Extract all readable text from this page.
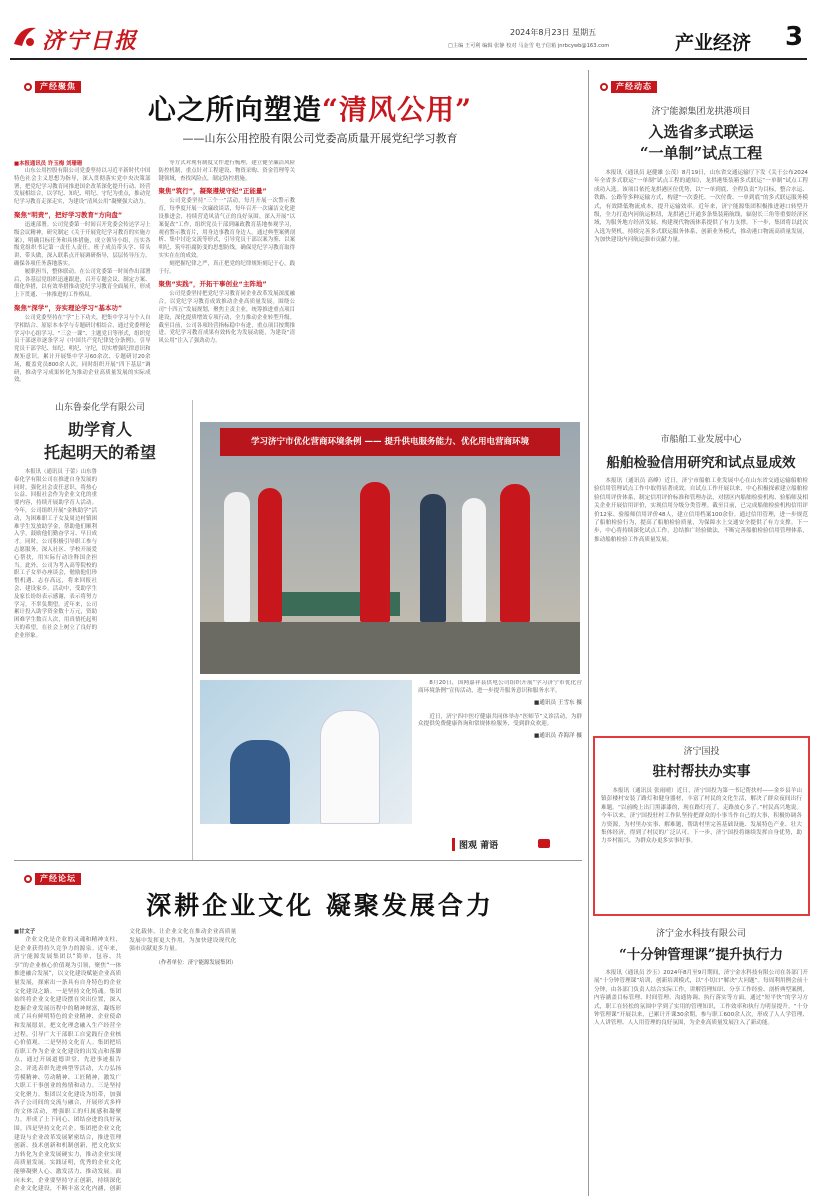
济宁日报	2024年8月23日 星期五
□主编 王可利 编辑 张静 校对 马金雪 电子信箱 jnrbcywb@163.com	产业经济 3
产经聚焦
心之所向塑造“清风公用”
——山东公用控股有限公司党委高质量开展党纪学习教育
■本报通讯员 许玉梅 刘珊珊

山东公用控股有限公司党委坚持以习近平新时代中国特色社会主义思想为指导，深入贯彻落实党中央决策部署，把党纪学习教育同推进国企改革深化提升行动、经营发展相结合，以学纪、知纪、明纪、守纪为重点，推动党纪学习教育走深走实，为建设“清风公用”凝聚强大动力。

聚焦“明责”，把好学习教育“方向盘”

迅速部署。公司党委第一时间召开党委会传达学习上级会议精神，研究制定《关于开展党纪学习教育的实施方案》，明确目标任务和具体措施，成立领导小组，压实各级党组织书记第一责任人责任。班子成员带头学、带头讲、带头做，深入联系点开展调研指导，层层传导压力，确保各项任务落地落实。

履职担当，整体联动。在公司党委第一时间作出部署后，各基层党组织迅速跟进，召开专题会议、制定方案、细化举措，以有效举措推动党纪学习教育全面展开，形成上下贯通、一体推进的工作格局。

聚焦“深学”，夯实理论学习“基本功”

公司党委坚持在“学”上下功夫，把集中学习与个人自学相结合、原原本本学与专题研讨相结合，通过党委理论学习中心组学习、“三会一课”、主题党日等形式，组织党员干部逐章逐条学习《中国共产党纪律处分条例》，引导党员干部学纪、知纪、明纪、守纪，切实增强纪律意识和规矩意识。累计开展集中学习60余次、专题研讨20余场，覆盖党员800余人次。同时组织开展“四下基层”调研，推动学习成果转化为推动企业高质量发展的实际成效。

等方式对现有制度文件进行梳理，建立健全廉洁风险防控机制，重点针对工程建设、物资采购、资金管理等关键领域，查找风险点，制定防控措施。

聚焦“筑行”，凝聚遵规守纪“正能量”

公司党委坚持“三个一”活动，每月开展一次警示教育，每季度开展一次廉政谈话，每年召开一次廉洁文化建设推进会，持续营造风清气正的良好氛围。深入开展“以案促改”工作，组织党员干部到廉政教育基地参观学习，观看警示教育片，用身边事教育身边人。通过典型案例剖析、集中讨论交流等形式，引导党员干部以案为鉴、以案明纪，筑牢拒腐防变的思想防线，确保党纪学习教育取得实实在在的成效。

刻把握纪律之严，真正把党的纪律规矩刻记于心，践于行。

聚焦“实践”，开拓干事创业“主阵地”

公司党委坚持把党纪学习教育同企业改革发展深度融合，以党纪学习教育成效推动企业高质量发展。围绕公司“十四五”发展规划，聚焦主责主业，统筹推进重点项目建设，深化提质增效专项行动，全力推动企业转型升级。截至目前，公司各项经营指标稳中有进，重点项目按期推进，党纪学习教育成果有效转化为发展动能，为建设“清风公用”注入了强劲动力。

山东鲁泰化学有限公司
助学育人
托起明天的希望

本报讯（通讯员 于蕾）山东鲁泰化学有限公司在推进自身发展的同时，强化社会责任意识，将热心公益、回报社会作为企业文化的重要内容，持续开展助学育人活动。今年，公司组织开展“金秋助学”活动，为困难职工子女及周边村镇困难学生发放助学金，帮助他们顺利入学，鼓励他们勤奋学习、早日成才。同时，公司积极引导职工参与志愿服务，深入社区、学校开展爱心帮扶，用实际行动诠释国企担当。此外，公司为考入高等院校的职工子女举办座谈会，勉励他们珍惜机遇、志存高远，将来回报社会、建设家乡。活动中，受助学生及家长纷纷表示感谢，表示将努力学习，不辜负期望。近年来，公司累计投入助学资金数十万元，资助困难学生数百人次，用真情托起明天的希望，在社会上树立了良好的企业形象。

学习济宁市优化营商环境条例 —— 提升供电服务能力、优化用电营商环境

8月20日，国网嘉祥县供电公司组织开展“学习济宁市优化营商环境条例”宣传活动，进一步提升服务意识和服务水平。

■通讯员 王雪东 摄

近日，济宁四中医疗健康共同体举办“医师节”义诊活动，为群众提供免费健康咨询和常规体检服务，受到群众欢迎。

■通讯员 乔海洋 摄
图观 莆语
产经论坛
深耕企业文化 凝聚发展合力
■甘文子

企业文化是企业的灵魂和精神支柱，是企业获得持久竞争力的源泉。近年来，济宁能源发展集团以“简单、包容、共享”的企业核心价值观为引领，聚焦“一体推进融合发展”，以文化建设赋能企业高质量发展，探索出一条具有自身特色的企业文化建设之路。一是坚持文化铸魂。集团始终将企业文化建设摆在突出位置，深入挖掘企业发展历程中的精神财富，凝练形成了具有鲜明特色的企业精神、企业使命和发展愿景，把文化理念融入生产经营全过程，引导广大干部职工自觉践行企业核心价值观。二是坚持文化育人。集团把培育职工作为企业文化建设的出发点和落脚点，通过开展道德讲堂、先进事迹报告会、评选表彰先进典型等活动，大力弘扬劳模精神、劳动精神、工匠精神，激发广大职工干事创业的热情和动力。三是坚持文化聚力。集团以文化建设为纽带，加强各子公司间的交流与融合，开展形式多样的文体活动，增强职工的归属感和凝聚力，形成了上下同心、团结奋进的良好氛围。四是坚持文化兴企。集团把企业文化建设与企业改革发展紧密结合，推进管理创新、技术创新和机制创新，把文化软实力转化为企业发展硬实力，推动企业实现高质量发展。实践证明，优秀的企业文化能够凝聚人心、激发活力、推动发展。面向未来，企业要坚持守正创新，持续深化企业文化建设，不断丰富文化内涵，创新文化载体，让企业文化在推动企业高质量发展中发挥更大作用，为加快建设现代化强市贡献更多力量。

（作者单位：济宁能源发展集团）
产经动态
济宁能源集团龙拱港项目
入选省多式联运
“一单制”试点工程

本报讯（通讯员 赵健雄 公茂）8月19日，山东省交通运输厅下发《关于公布2024年全省多式联运“一单制”试点工程的通知》，龙拱港集装箱多式联运“一单制”试点工程成功入选。该项目依托龙拱港区位优势，以“一单到底、全程负责”为目标，整合水运、铁路、公路等多种运输方式，构建“一次委托、一次付费、一单到底”的多式联运服务模式，有效降低物流成本，提升运输效率。近年来，济宁能源集团积极推进港口转型升级，全力打造内河航运枢纽，龙拱港已开通多条集装箱航线，辐射长三角等重要经济区域，为服务地方经济发展、构建现代物流体系提供了有力支撑。下一步，集团将以此次入选为契机，持续完善多式联运服务体系，创新业务模式，推动港口物流高质量发展，为加快建设内河航运强市贡献力量。

市船舶工业发展中心
船舶检验信用研究和试点显成效

本报讯（通讯员 高峰）近日，济宁市船舶工业发展中心在山东省交通运输船舶检验信用管理试点工作中取得显著成效。自试点工作开展以来，中心积极探索建立船舶检验信用评价体系，制定信用评价标准和管理办法，对辖区内船舶检验机构、验船师及相关企业开展信用评价，实现信用分级分类管理。截至目前，已完成船舶检验机构信用评价12家、验船师信用评价48人，建立信用档案100余份。通过信用管理，进一步规范了船舶检验行为，提高了船舶检验质量，为保障水上交通安全提供了有力支撑。下一步，中心将持续深化试点工作，总结推广经验做法，不断完善船舶检验信用管理体系，推动船舶检验工作高质量发展。

济宁国投
驻村帮扶办实事

本报讯（通讯员 张雨晴）近日，济宁国投为第一书记帮扶村——金乡县羊山镇彭楼村安装了路灯和健身器材，丰富了村民的文化生活，解决了群众夜间出行难题。“以前晚上出门黑漆漆的，现在路灯亮了，走路放心多了。”村民高兴地说。今年以来，济宁国投驻村工作队坚持把群众的小事当作自己的大事，积极协调各方资源，为村里办实事、解难题，帮助村里完善基础设施、发展特色产业、壮大集体经济，得到了村民的广泛认可。下一步，济宁国投将继续发挥自身优势，助力乡村振兴，为群众办更多实事好事。

济宁金水科技有限公司
“十分钟管理课”提升执行力

本报讯（通讯员 沙玉）2024年8月至9月期间，济宁金水科技有限公司在各部门开展“十分钟管理课”培训，创新培训模式，以“小切口”解决“大问题”。每周利用例会前十分钟，由各部门负责人结合实际工作，讲解管理知识、分享工作经验、剖析典型案例，内容涵盖目标管理、时间管理、沟通协调、执行落实等方面。通过“短平快”的学习方式，职工在轻松的氛围中学到了实用的管理知识，工作效率和执行力明显提升。“十分钟管理课”开展以来，已累计开课30余期，参与职工600余人次，形成了人人学管理、人人讲管理、人人用管理的良好氛围，为企业高质量发展注入了新动能。
